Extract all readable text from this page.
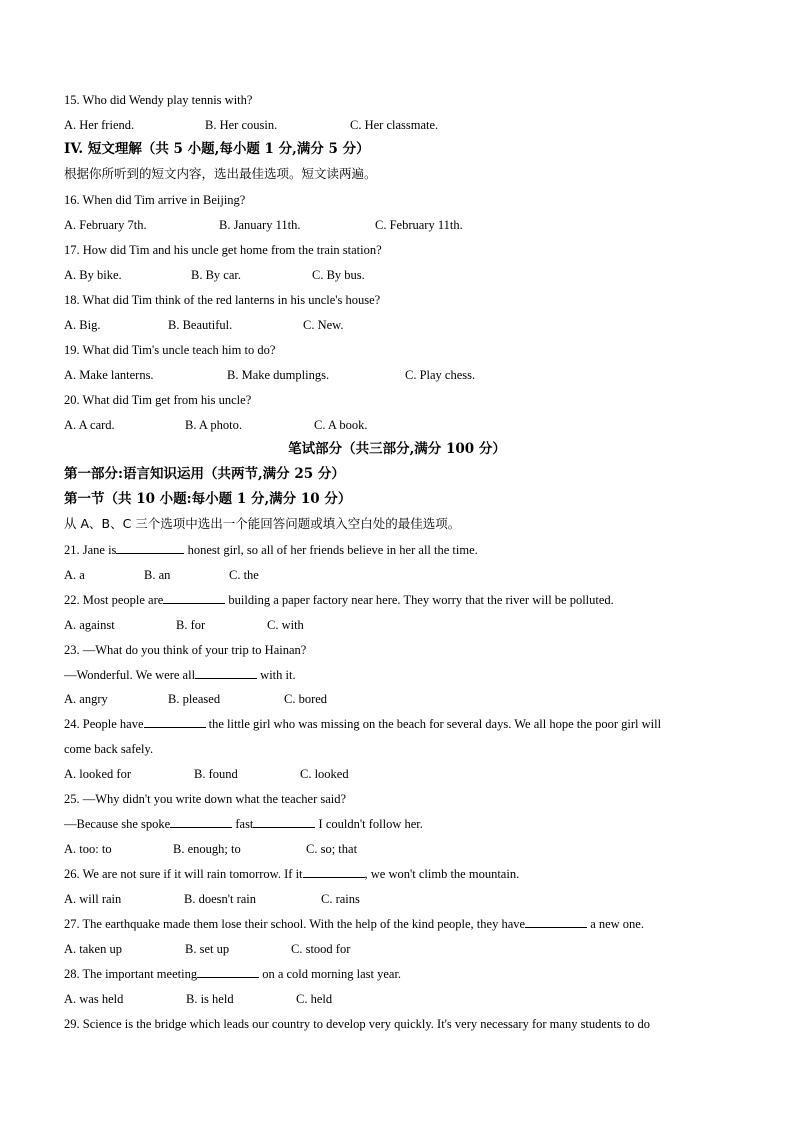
15. Who did Wendy play tennis with?
A. Her friend.	B. Her cousin.	C. Her classmate.
IV. 短文理解（共 5 小题,每小题 1 分,满分 5 分）
根据你所听到的短文内容，选出最佳选项。短文读两遍。
16. When did Tim arrive in Beijing?
A. February 7th.	B. January 11th.	C. February 11th.
17. How did Tim and his uncle get home from the train station?
A. By bike.	B. By car.	C. By bus.
18. What did Tim think of the red lanterns in his uncle's house?
A. Big.	B. Beautiful.	C. New.
19. What did Tim's uncle teach him to do?
A. Make lanterns.	B. Make dumplings.	C. Play chess.
20. What did Tim get from his uncle?
A. A card.	B. A photo.	C. A book.
笔试部分（共三部分,满分 100 分）
第一部分:语言知识运用（共两节,满分 25 分）
第一节（共 10 小题:每小题 1 分,满分 10 分）
从 A、B、C 三个选项中选出一个能回答问题或填入空白处的最佳选项。
21. Jane is	honest girl, so all of her friends believe in her all the time.
A. a	B. an	C. the
22. Most people are	building a paper factory near here. They worry that the river will be polluted.
A. against	B. for	C. with
23. —What do you think of your trip to Hainan?
—Wonderful. We were all	with it.
A. angry	B. pleased	C. bored
24. People have	the little girl who was missing on the beach for several days. We all hope the poor girl will
come back safely.
A. looked for	B. found	C. looked
25. —Why didn't you write down what the teacher said?
—Because she spoke	fast	I couldn't follow her.
A. too: to	B. enough; to	C. so; that
26. We are not sure if it will rain tomorrow. If it	, we won't climb the mountain.
A. will rain	B. doesn't rain	C. rains
27. The earthquake made them lose their school. With the help of the kind people, they have	a new one.
A. taken up	B. set up	C. stood for
28. The important meeting	on a cold morning last year.
A. was held	B. is held	C. held
29. Science is the bridge which leads our country to develop very quickly. It's very necessary for many students to do
